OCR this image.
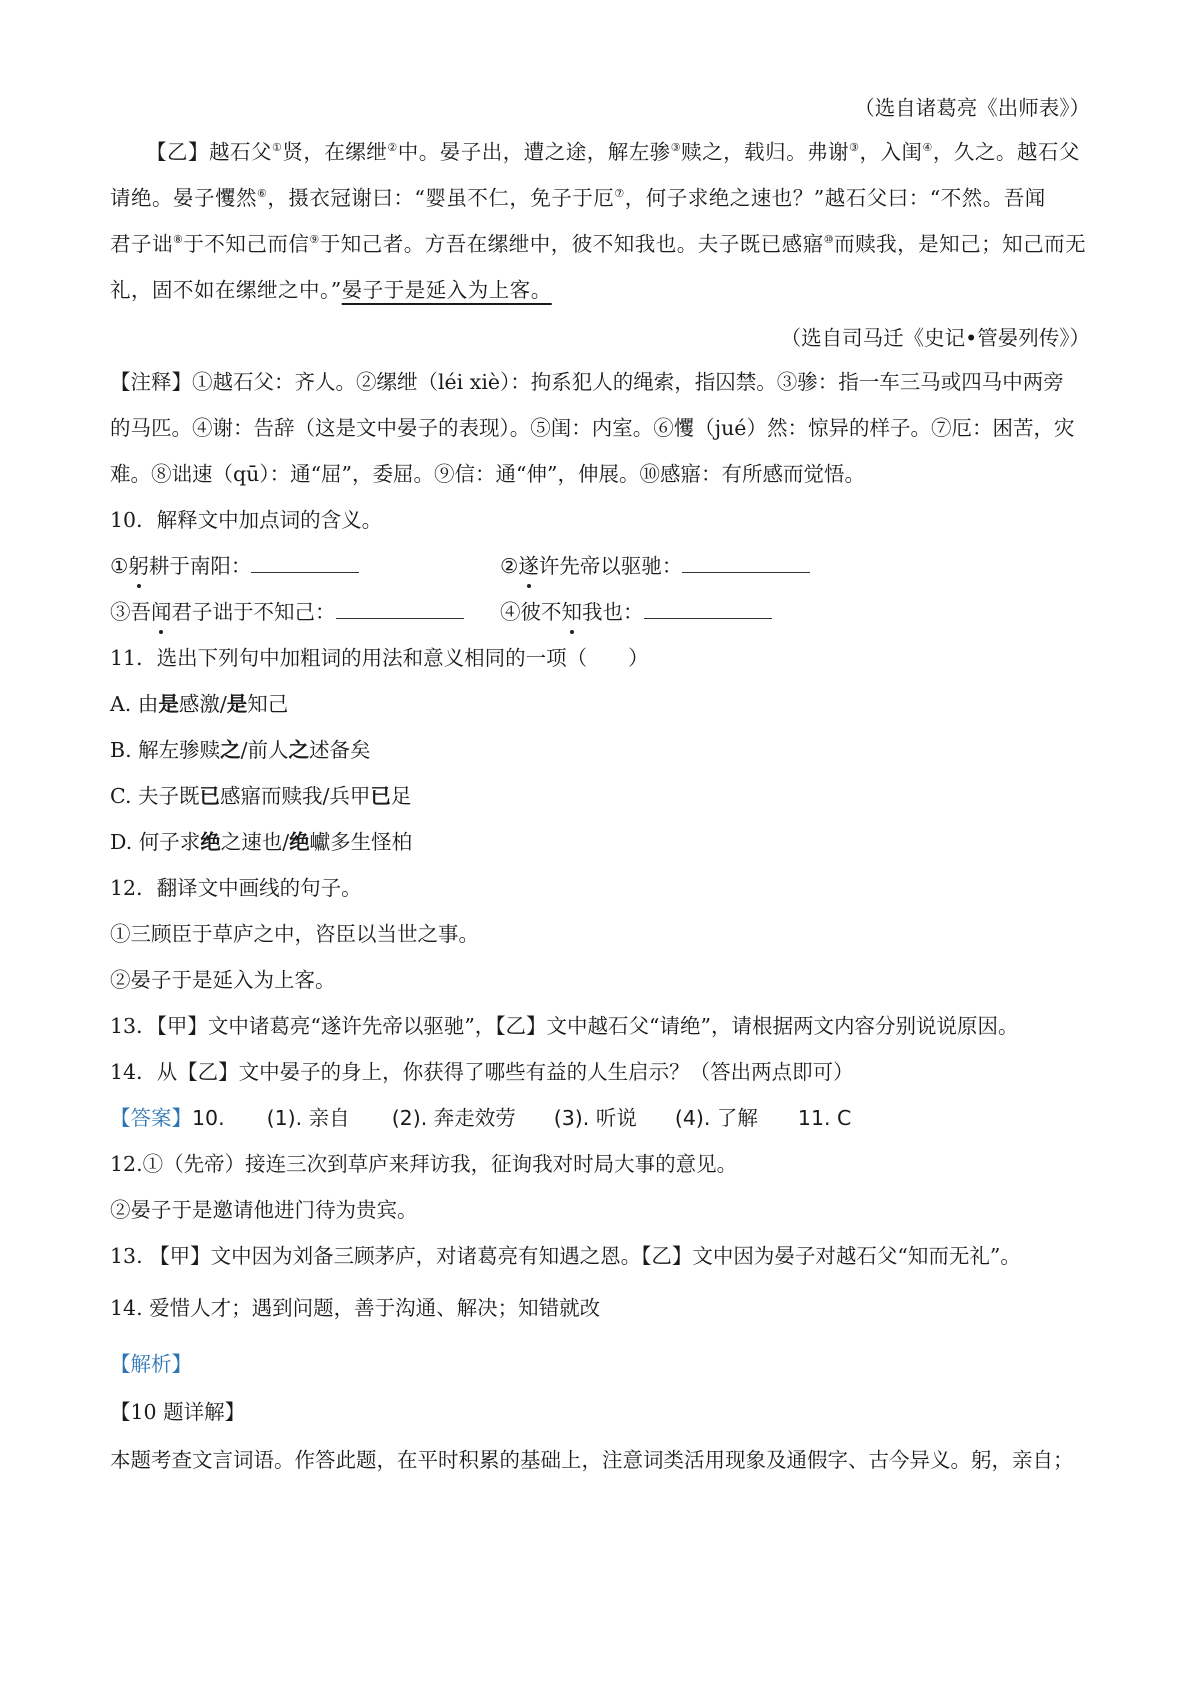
（选自诸葛亮《出师表》）
【乙】越石父①贤，在缧绁②中。晏子出，遭之途，解左骖③赎之，载归。弗谢③，入闺④，久之。越石父
请绝。晏子戄然⑥，摄衣冠谢曰：“婴虽不仁，免子于厄⑦，何子求绝之速也？”越石父曰：“不然。吾闻
君子诎⑧于不知己而信⑨于知己者。方吾在缧绁中，彼不知我也。夫子既已感寤⑩而赎我，是知己；知己而无
礼，固不如在缧绁之中。”晏子于是延入为上客。
（选自司马迁《史记•管晏列传》）
【注释】①越石父：齐人。②缧绁（léi xiè）：拘系犯人的绳索，指囚禁。③骖：指一车三马或四马中两旁
的马匹。④谢：告辞（这是文中晏子的表现）。⑤闺：内室。⑥戄（jué）然：惊异的样子。⑦厄：困苦，灾
难。⑧诎速（qū）：通“屈”，委屈。⑨信：通“伸”，伸展。⑩感寤：有所感而觉悟。
10．解释文中加点词的含义。
①躬耕于南阳：	②遂许先帝以驱驰：
③吾闻君子诎于不知己：	④彼不知我也：
11．选出下列句中加粗词的用法和意义相同的一项（　　）
A. 由是感激/是知己
B. 解左骖赎之/前人之述备矣
C. 夫子既已感寤而赎我/兵甲已足
D. 何子求绝之速也/绝巘多生怪柏
12．翻译文中画线的句子。
①三顾臣于草庐之中，咨臣以当世之事。
②晏子于是延入为上客。
13．【甲】文中诸葛亮“遂许先帝以驱驰”，【乙】文中越石父“请绝”，请根据两文内容分别说说原因。
14．从【乙】文中晏子的身上，你获得了哪些有益的人生启示？（答出两点即可）
【答案】10. (1). 亲自 (2). 奔走效劳 (3). 听说 (4). 了解 11. C
12.①（先帝）接连三次到草庐来拜访我，征询我对时局大事的意见。
②晏子于是邀请他进门待为贵宾。
13. 【甲】文中因为刘备三顾茅庐，对诸葛亮有知遇之恩。【乙】文中因为晏子对越石父“知而无礼”。
14. 爱惜人才；遇到问题，善于沟通、解决；知错就改
【解析】
【10 题详解】
本题考查文言词语。作答此题，在平时积累的基础上，注意词类活用现象及通假字、古今异义。躬，亲自；
